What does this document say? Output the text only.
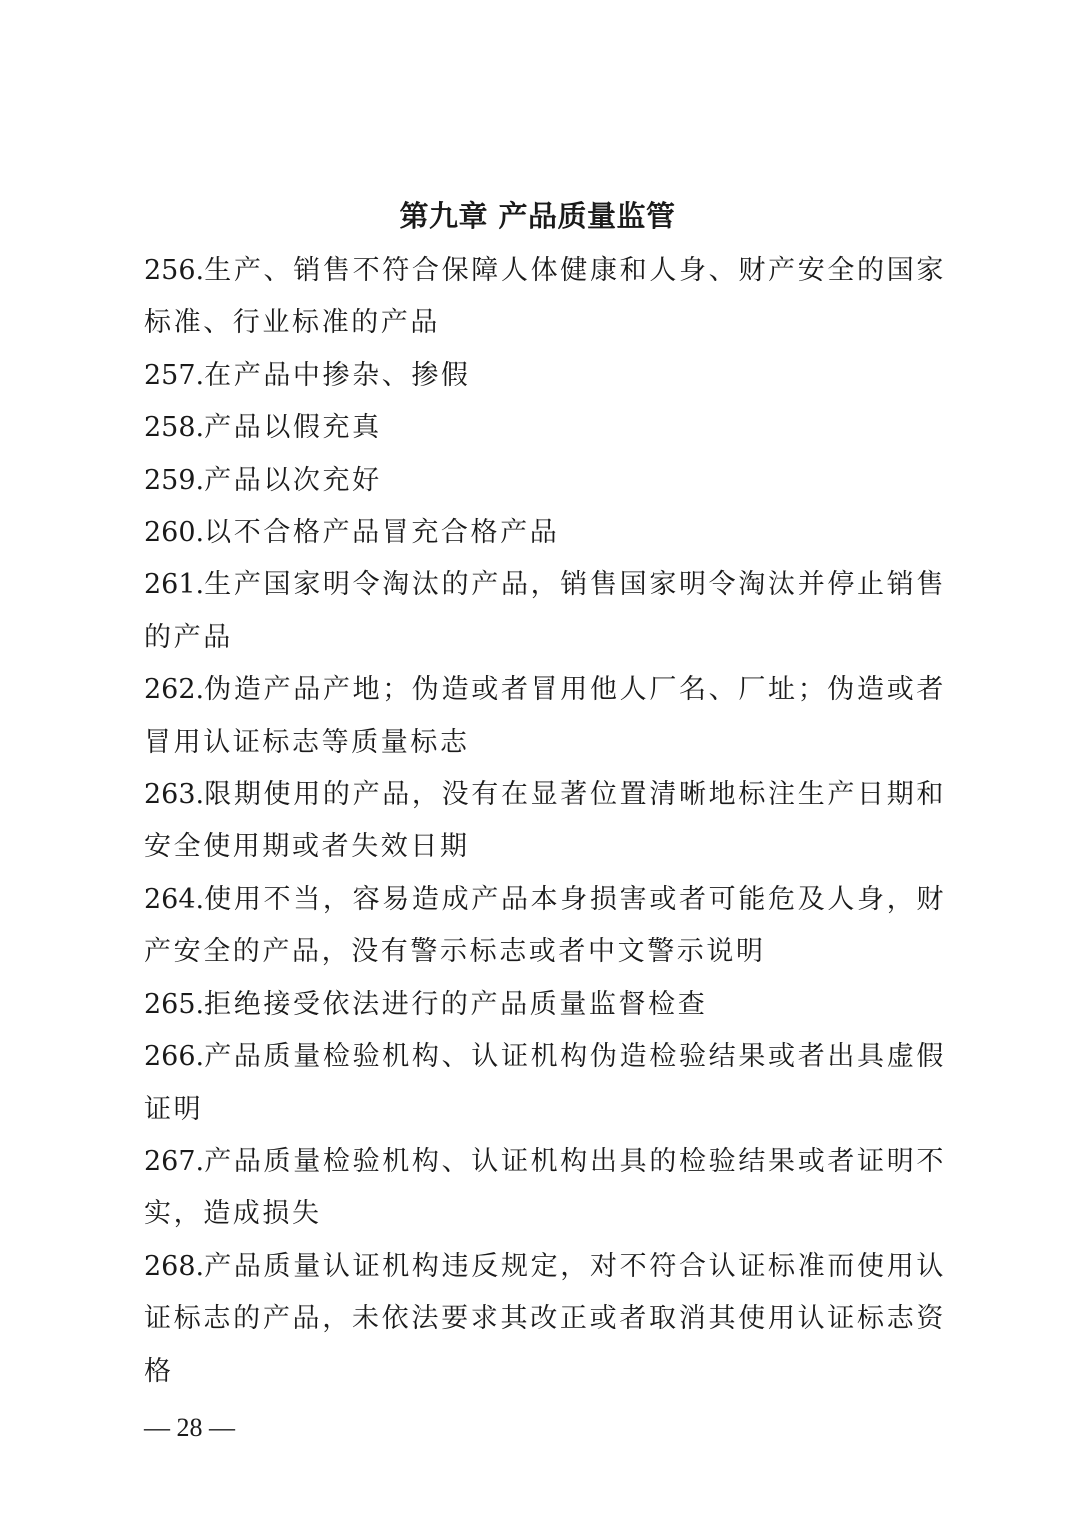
第九章 产品质量监管
256.生产、销售不符合保障人体健康和人身、财产安全的国家标准、行业标准的产品
257.在产品中掺杂、掺假
258.产品以假充真
259.产品以次充好
260.以不合格产品冒充合格产品
261.生产国家明令淘汰的产品，销售国家明令淘汰并停止销售的产品
262.伪造产品产地；伪造或者冒用他人厂名、厂址；伪造或者冒用认证标志等质量标志
263.限期使用的产品，没有在显著位置清晰地标注生产日期和安全使用期或者失效日期
264.使用不当，容易造成产品本身损害或者可能危及人身，财产安全的产品，没有警示标志或者中文警示说明
265.拒绝接受依法进行的产品质量监督检查
266.产品质量检验机构、认证机构伪造检验结果或者出具虚假证明
267.产品质量检验机构、认证机构出具的检验结果或者证明不实，造成损失
268.产品质量认证机构违反规定，对不符合认证标准而使用认证标志的产品，未依法要求其改正或者取消其使用认证标志资格
— 28 —
